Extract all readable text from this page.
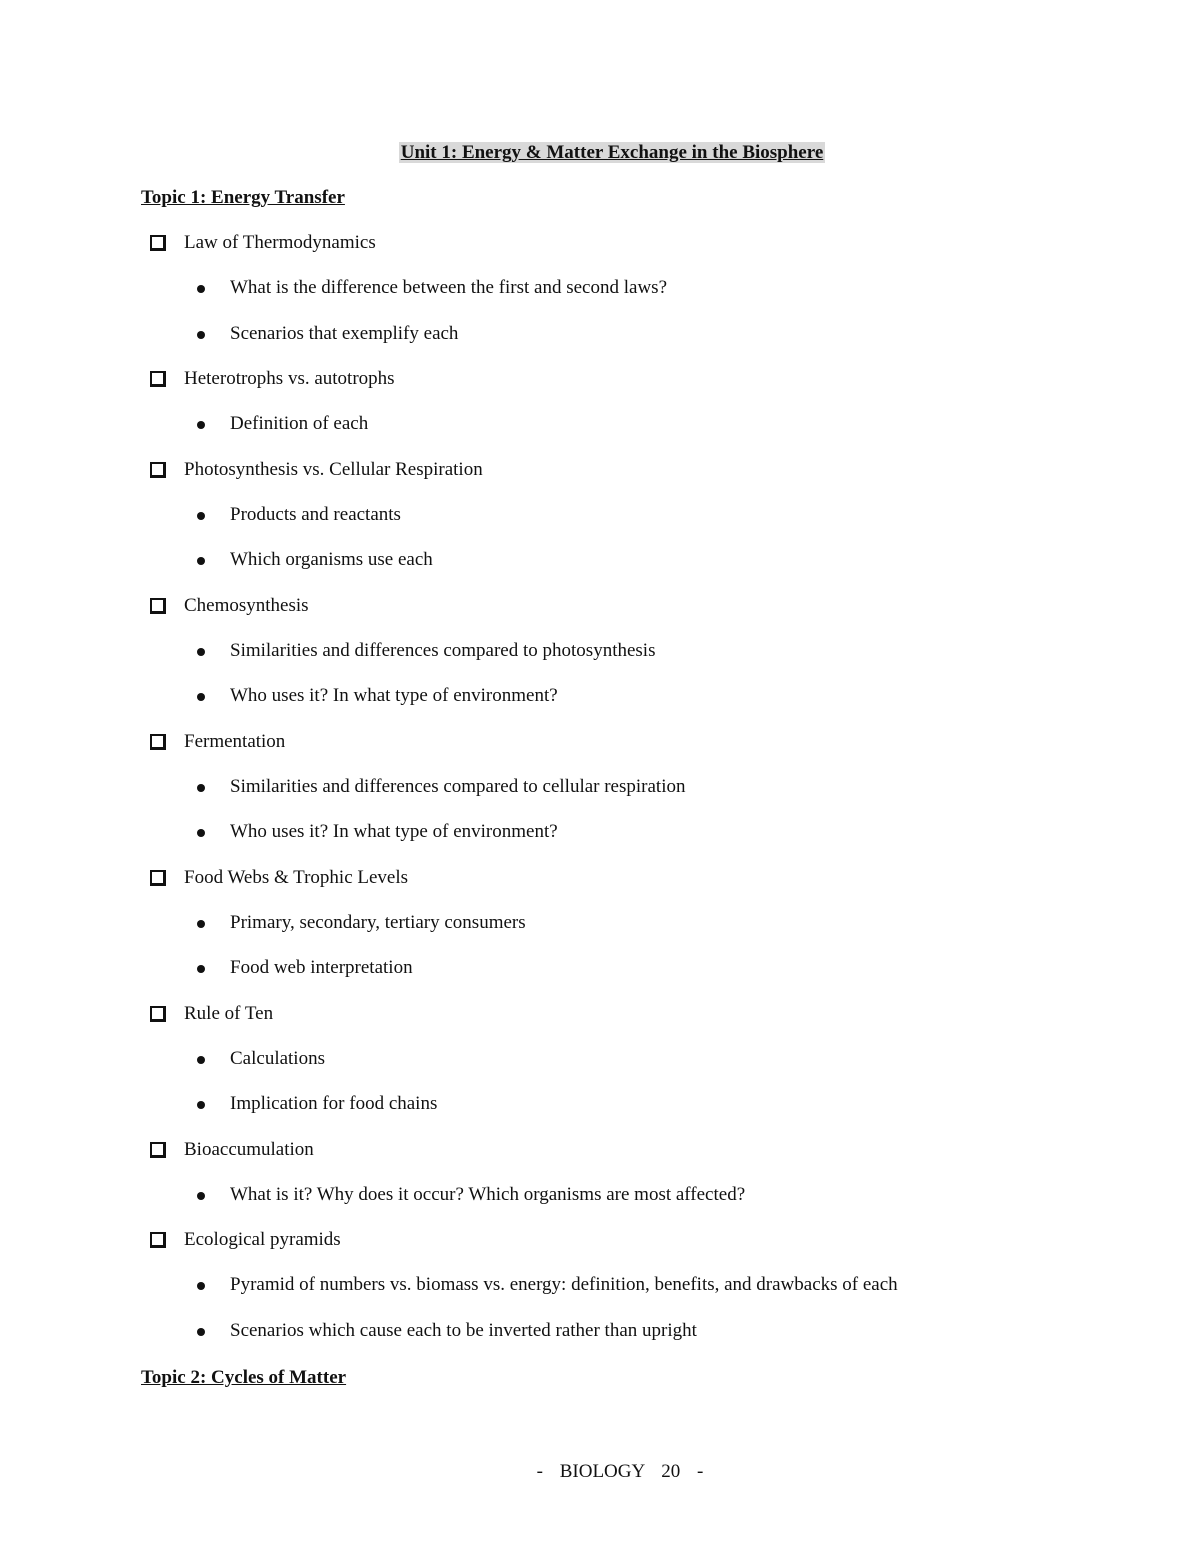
Unit 1: Energy & Matter Exchange in the Biosphere
Topic 1: Energy Transfer
Law of Thermodynamics
What is the difference between the first and second laws?
Scenarios that exemplify each
Heterotrophs vs. autotrophs
Definition of each
Photosynthesis vs. Cellular Respiration
Products and reactants
Which organisms use each
Chemosynthesis
Similarities and differences compared to photosynthesis
Who uses it? In what type of environment?
Fermentation
Similarities and differences compared to cellular respiration
Who uses it? In what type of environment?
Food Webs & Trophic Levels
Primary, secondary, tertiary consumers
Food web interpretation
Rule of Ten
Calculations
Implication for food chains
Bioaccumulation
What is it? Why does it occur? Which organisms are most affected?
Ecological pyramids
Pyramid of numbers vs. biomass vs. energy: definition, benefits, and drawbacks of each
Scenarios which cause each to be inverted rather than upright
Topic 2: Cycles of Matter
- BIOLOGY 20 -
